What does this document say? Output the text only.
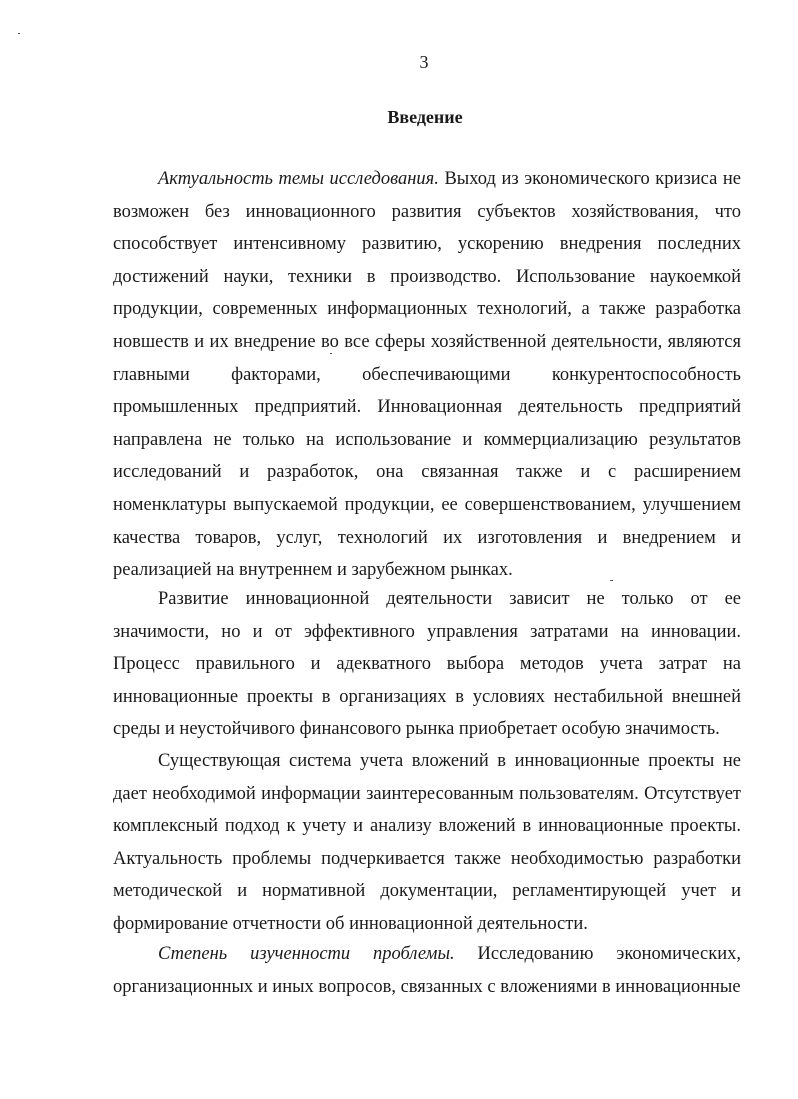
3
Введение

Актуальность темы исследования. Выход из экономического кризиса не возможен без инновационного развития субъектов хозяйствования, что способствует интенсивному развитию, ускорению внедрения последних достижений науки, техники в производство. Использование наукоемкой продукции, современных информационных технологий, а также разработка новшеств и их внедрение во все сферы хозяйственной деятельности, являются главными факторами, обеспечивающими конкурентоспособность промышленных предприятий. Инновационная деятельность предприятий направлена не только на использование и коммерциализацию результатов исследований и разработок, она связанная также и с расширением номенклатуры выпускаемой продукции, ее совершенствованием, улучшением качества товаров, услуг, технологий их изготовления и внедрением и реализацией на внутреннем и зарубежном рынках.

Развитие инновационной деятельности зависит не только от ее значимости, но и от эффективного управления затратами на инновации. Процесс правильного и адекватного выбора методов учета затрат на инновационные проекты в организациях в условиях нестабильной внешней среды и неустойчивого финансового рынка приобретает особую значимость.

Существующая система учета вложений в инновационные проекты не дает необходимой информации заинтересованным пользователям. Отсутствует комплексный подход к учету и анализу вложений в инновационные проекты. Актуальность проблемы подчеркивается также необходимостью разработки методической и нормативной документации, регламентирующей учет и формирование отчетности об инновационной деятельности.

Степень изученности проблемы. Исследованию экономических, организационных и иных вопросов, связанных с вложениями в инновационные
